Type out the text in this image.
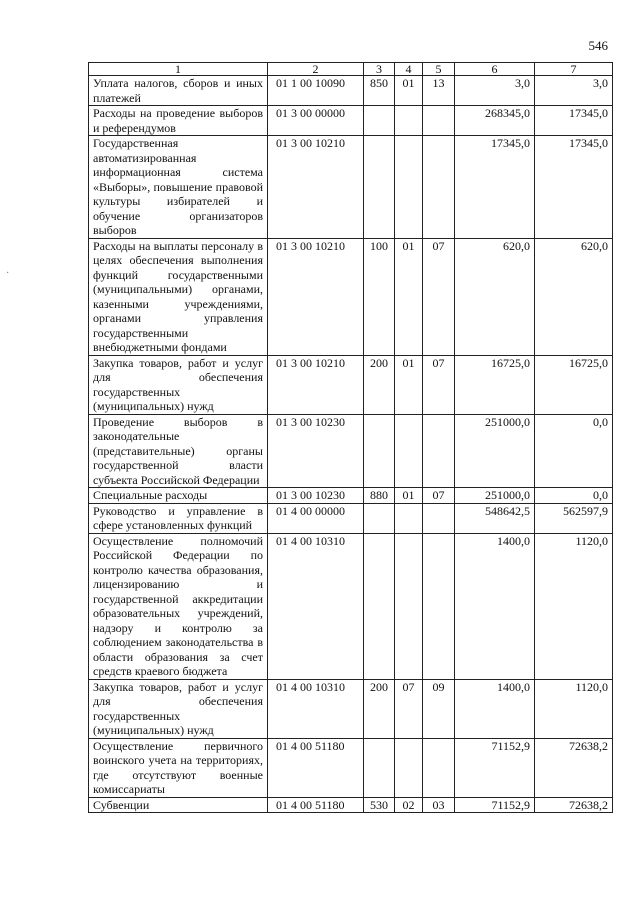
546
1	2	3	4	5	6	7
Уплата налогов, сборов и иных платежей	01 1 00 10090	850	01	13	3,0	3,0
Расходы на проведение выборов и референдумов	01 3 00 00000				268345,0	17345,0
Государственная автоматизированная информационная система «Выборы», повышение правовой культуры избирателей и обучение организаторов выборов	01 3 00 10210				17345,0	17345,0
Расходы на выплаты персоналу в целях обеспечения выполнения функций государственными (муниципальными) органами, казенными учреждениями, органами управления государственными внебюджетными фондами	01 3 00 10210	100	01	07	620,0	620,0
Закупка товаров, работ и услуг для обеспечения государственных (муниципальных) нужд	01 3 00 10210	200	01	07	16725,0	16725,0
Проведение выборов в законодательные (представительные) органы государственной власти субъекта Российской Федерации	01 3 00 10230				251000,0	0,0
Специальные расходы	01 3 00 10230	880	01	07	251000,0	0,0
Руководство и управление в сфере установленных функций	01 4 00 00000				548642,5	562597,9
Осуществление полномочий Российской Федерации по контролю качества образования, лицензированию и государственной аккредитации образовательных учреждений, надзору и контролю за соблюдением законодательства в области образования за счет средств краевого бюджета	01 4 00 10310				1400,0	1120,0
Закупка товаров, работ и услуг для обеспечения государственных (муниципальных) нужд	01 4 00 10310	200	07	09	1400,0	1120,0
Осуществление первичного воинского учета на территориях, где отсутствуют военные комиссариаты	01 4 00 51180				71152,9	72638,2
Субвенции	01 4 00 51180	530	02	03	71152,9	72638,2
·
